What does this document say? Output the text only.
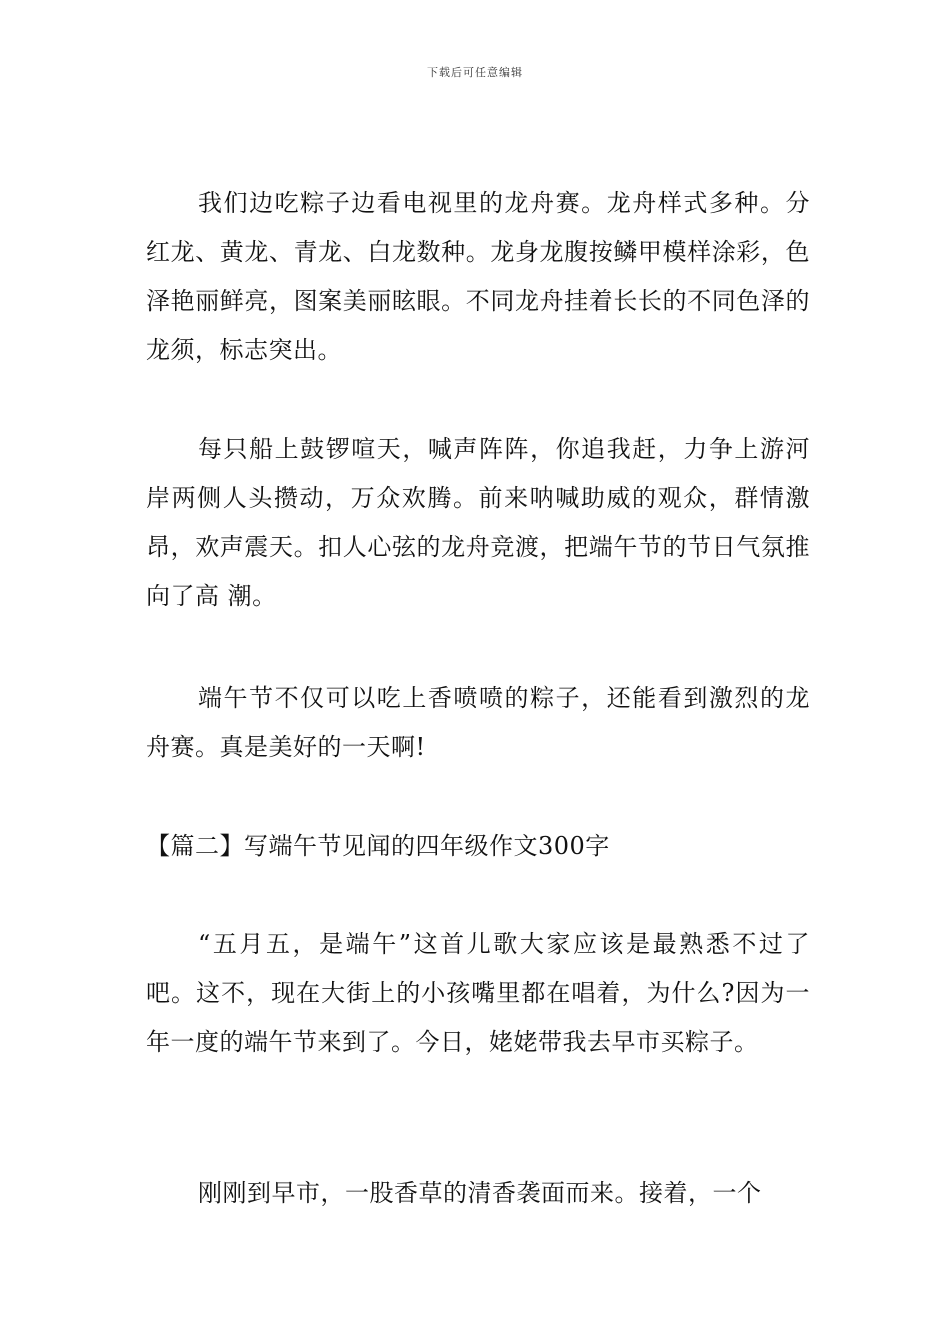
下载后可任意编辑

我们边吃粽子边看电视里的龙舟赛。龙舟样式多种。分红龙、黄龙、青龙、白龙数种。龙身龙腹按鳞甲模样涂彩，色泽艳丽鲜亮，图案美丽眩眼。不同龙舟挂着长长的不同色泽的龙须，标志突出。

每只船上鼓锣喧天，喊声阵阵，你追我赶，力争上游河岸两侧人头攒动，万众欢腾。前来呐喊助威的观众，群情激昂，欢声震天。扣人心弦的龙舟竞渡，把端午节的节日气氛推向了高 潮。

端午节不仅可以吃上香喷喷的粽子，还能看到激烈的龙舟赛。真是美好的一天啊!

【篇二】写端午节见闻的四年级作文300字

“五月五，是端午”这首儿歌大家应该是最熟悉不过了吧。这不，现在大街上的小孩嘴里都在唱着，为什么?因为一年一度的端午节来到了。今日，姥姥带我去早市买粽子。

刚刚到早市，一股香草的清香袭面而来。接着，一个
